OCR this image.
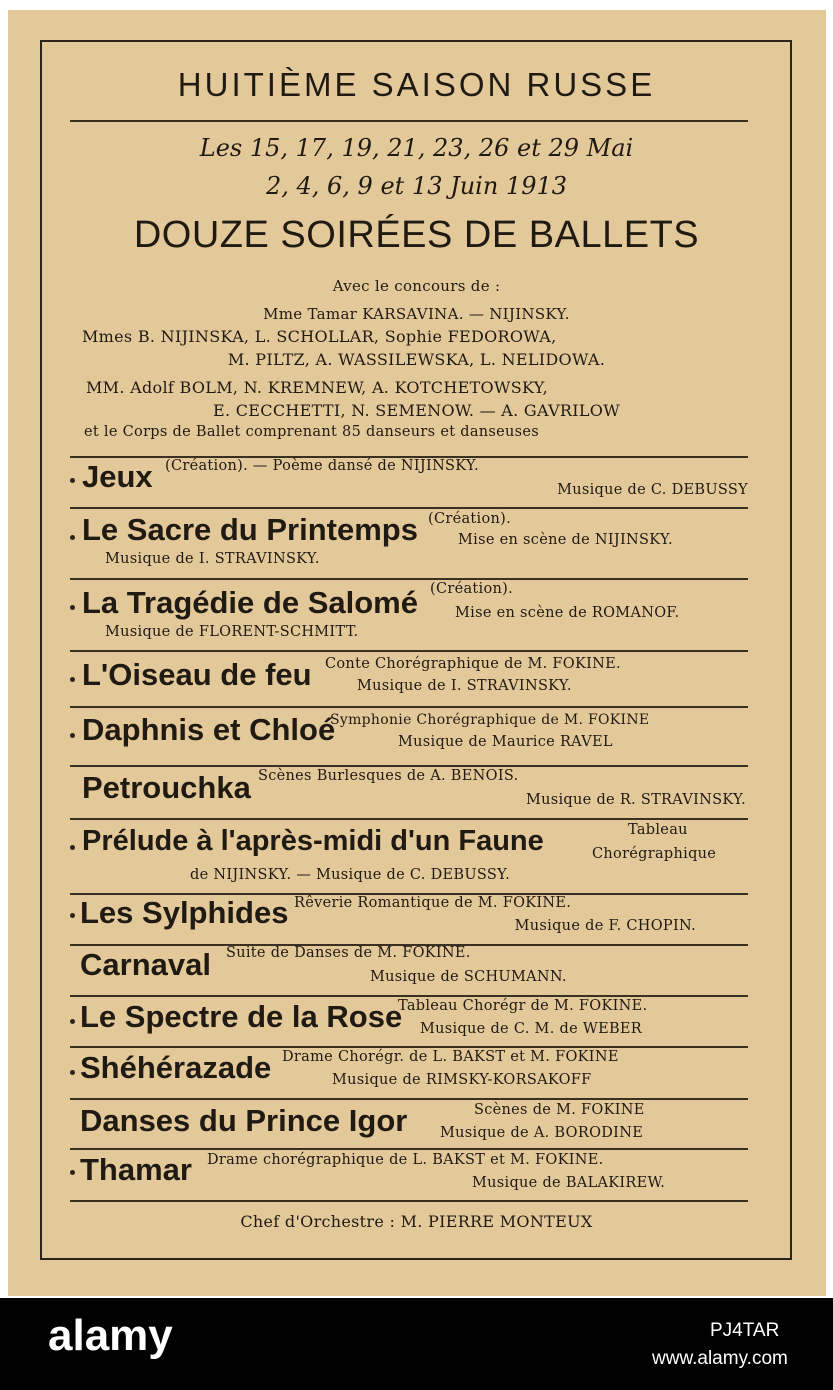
HUITIÈME SAISON RUSSE
Les 15, 17, 19, 21, 23, 26 et 29 Mai
2, 4, 6, 9 et 13 Juin 1913
DOUZE SOIRÉES DE BALLETS
Avec le concours de :
Mme Tamar KARSAVINA. — NIJINSKY.
Mmes B. NIJINSKA, L. SCHOLLAR, Sophie FEDOROWA,
M. PILTZ, A. WASSILEWSKA, L. NELIDOWA.
MM. Adolf BOLM, N. KREMNEW, A. KOTCHETOWSKY,
E. CECCHETTI, N. SEMENOW. — A. GAVRILOW
et le Corps de Ballet comprenant 85 danseurs et danseuses
Jeux (Création). — Poème dansé de NIJINSKY.
Musique de C. DEBUSSY
Le Sacre du Printemps (Création).
Mise en scène de NIJINSKY.
Musique de I. STRAVINSKY.
La Tragédie de Salomé (Création).
Mise en scène de ROMANOF.
Musique de FLORENT-SCHMITT.
L'Oiseau de feu Conte Chorégraphique de M. FOKINE.
Musique de I. STRAVINSKY.
Daphnis et Chloé
Symphonie Chorégraphique de M. FOKINE
Musique de Maurice RAVEL
Petrouchka Scènes Burlesques de A. BENOIS.
Musique de R. STRAVINSKY.
Prélude à l'après-midi d'un Faune	Tableau
Chorégraphique
de NIJINSKY. — Musique de C. DEBUSSY.
Les Sylphides Rêverie Romantique de M. FOKINE.
Musique de F. CHOPIN.
Carnaval Suite de Danses de M. FOKINE.
Musique de SCHUMANN.
Le Spectre de la Rose
Tableau Chorégr de M. FOKINE.
Musique de C. M. de WEBER
Shéhérazade Drame Chorégr. de L. BAKST et M. FOKINE
Musique de RIMSKY-KORSAKOFF
Danses du Prince Igor	Scènes de M. FOKINE
Musique de A. BORODINE
Thamar Drame chorégraphique de L. BAKST et M. FOKINE.
Musique de BALAKIREW.
Chef d'Orchestre : M. PIERRE MONTEUX
alamy	PJ4TAR
www.alamy.com
